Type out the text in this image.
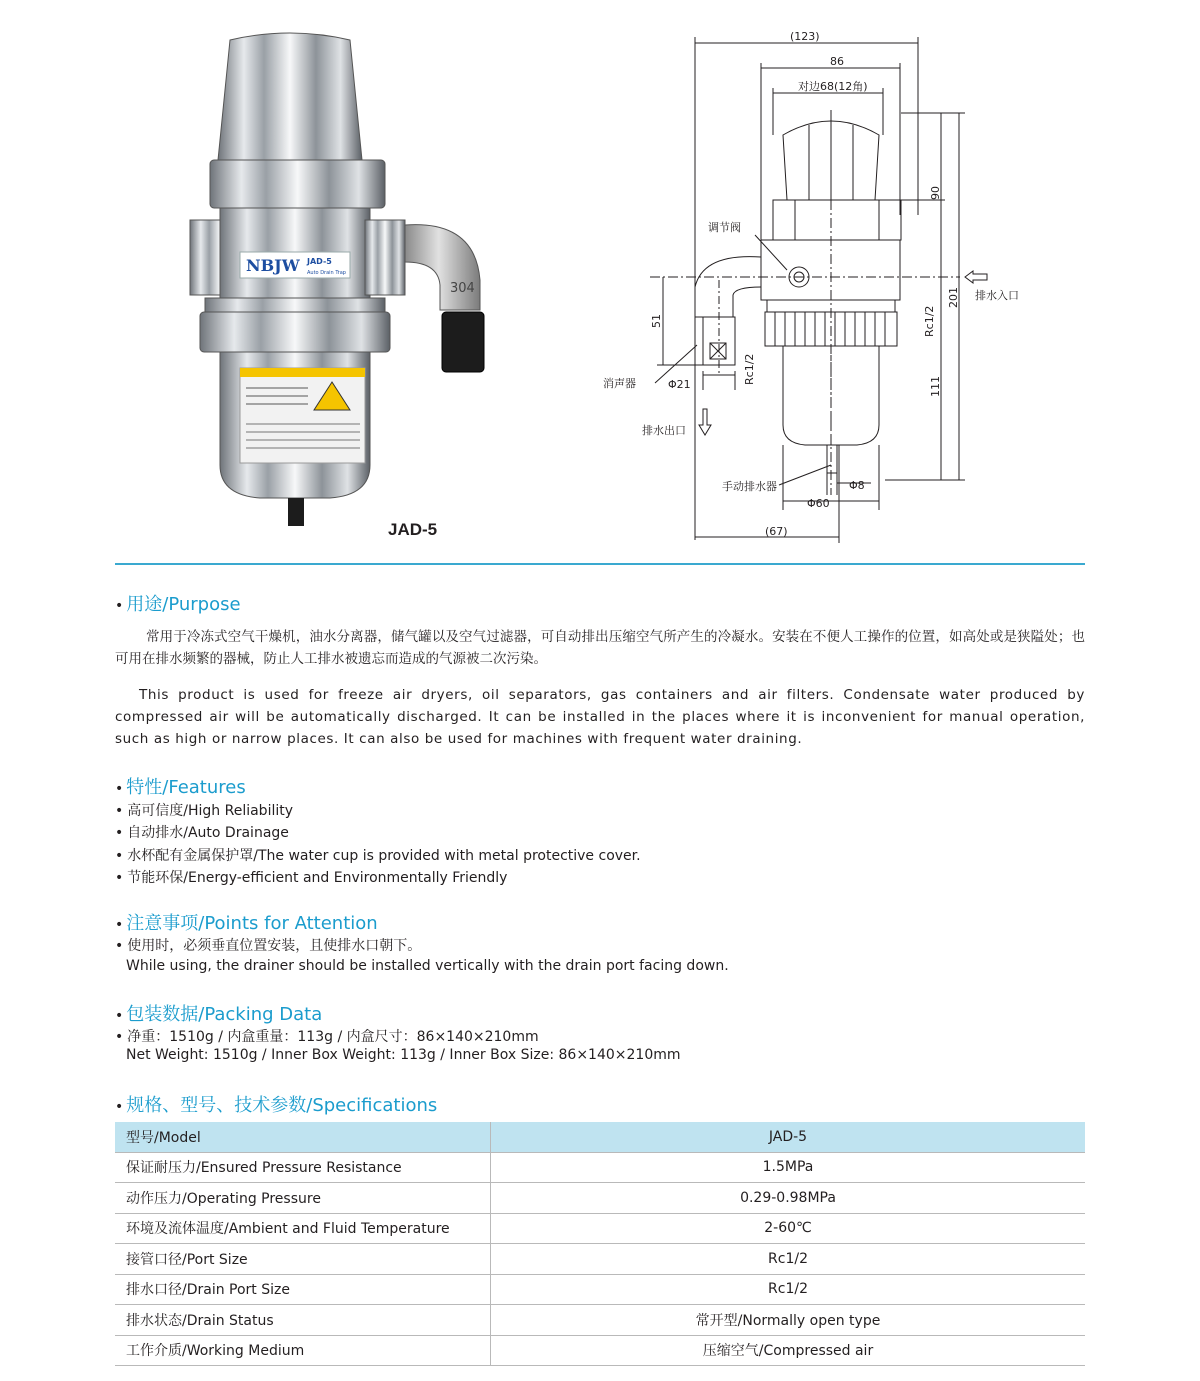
304
NBJW JAD-5
Auto Drain Trap
JAD-5
(123)
86
对边68(12角)
调节阀
90
201
Rc1/2
排水入口
51
Rc1/2
消声器	Φ21	111
排水出口
手动排水器	Φ8
Φ60
(67)
• 用途/Purpose
常用于冷冻式空气干燥机，油水分离器，储气罐以及空气过滤器，可自动排出压缩空气所产生的冷凝水。安装在不便人工操作的位置，如高处或是狭隘处；也可用在排水频繁的器械，防止人工排水被遗忘而造成的气源被二次污染。
This product is used for freeze air dryers, oil separators, gas containers and air filters. Condensate water produced by compressed air will be automatically discharged. It can be installed in the places where it is inconvenient for manual operation, such as high or narrow places. It can also be used for machines with frequent water draining.
• 特性/Features
• 高可信度/High Reliability
• 自动排水/Auto Drainage
• 水杯配有金属保护罩/The water cup is provided with metal protective cover.
• 节能环保/Energy-efficient and Environmentally Friendly
• 注意事项/Points for Attention
• 使用时，必须垂直位置安装，且使排水口朝下。
While using, the drainer should be installed vertically with the drain port facing down.
• 包装数据/Packing Data
• 净重：1510g / 内盒重量：113g / 内盒尺寸：86×140×210mm
Net Weight: 1510g / Inner Box Weight: 113g / Inner Box Size: 86×140×210mm
• 规格、型号、技术参数/Specifications
型号/Model	JAD-5
保证耐压力/Ensured Pressure Resistance	1.5MPa
动作压力/Operating Pressure	0.29-0.98MPa
环境及流体温度/Ambient and Fluid Temperature	2-60℃
接管口径/Port Size	Rc1/2
排水口径/Drain Port Size	Rc1/2
排水状态/Drain Status	常开型/Normally open type
工作介质/Working Medium	压缩空气/Compressed air
